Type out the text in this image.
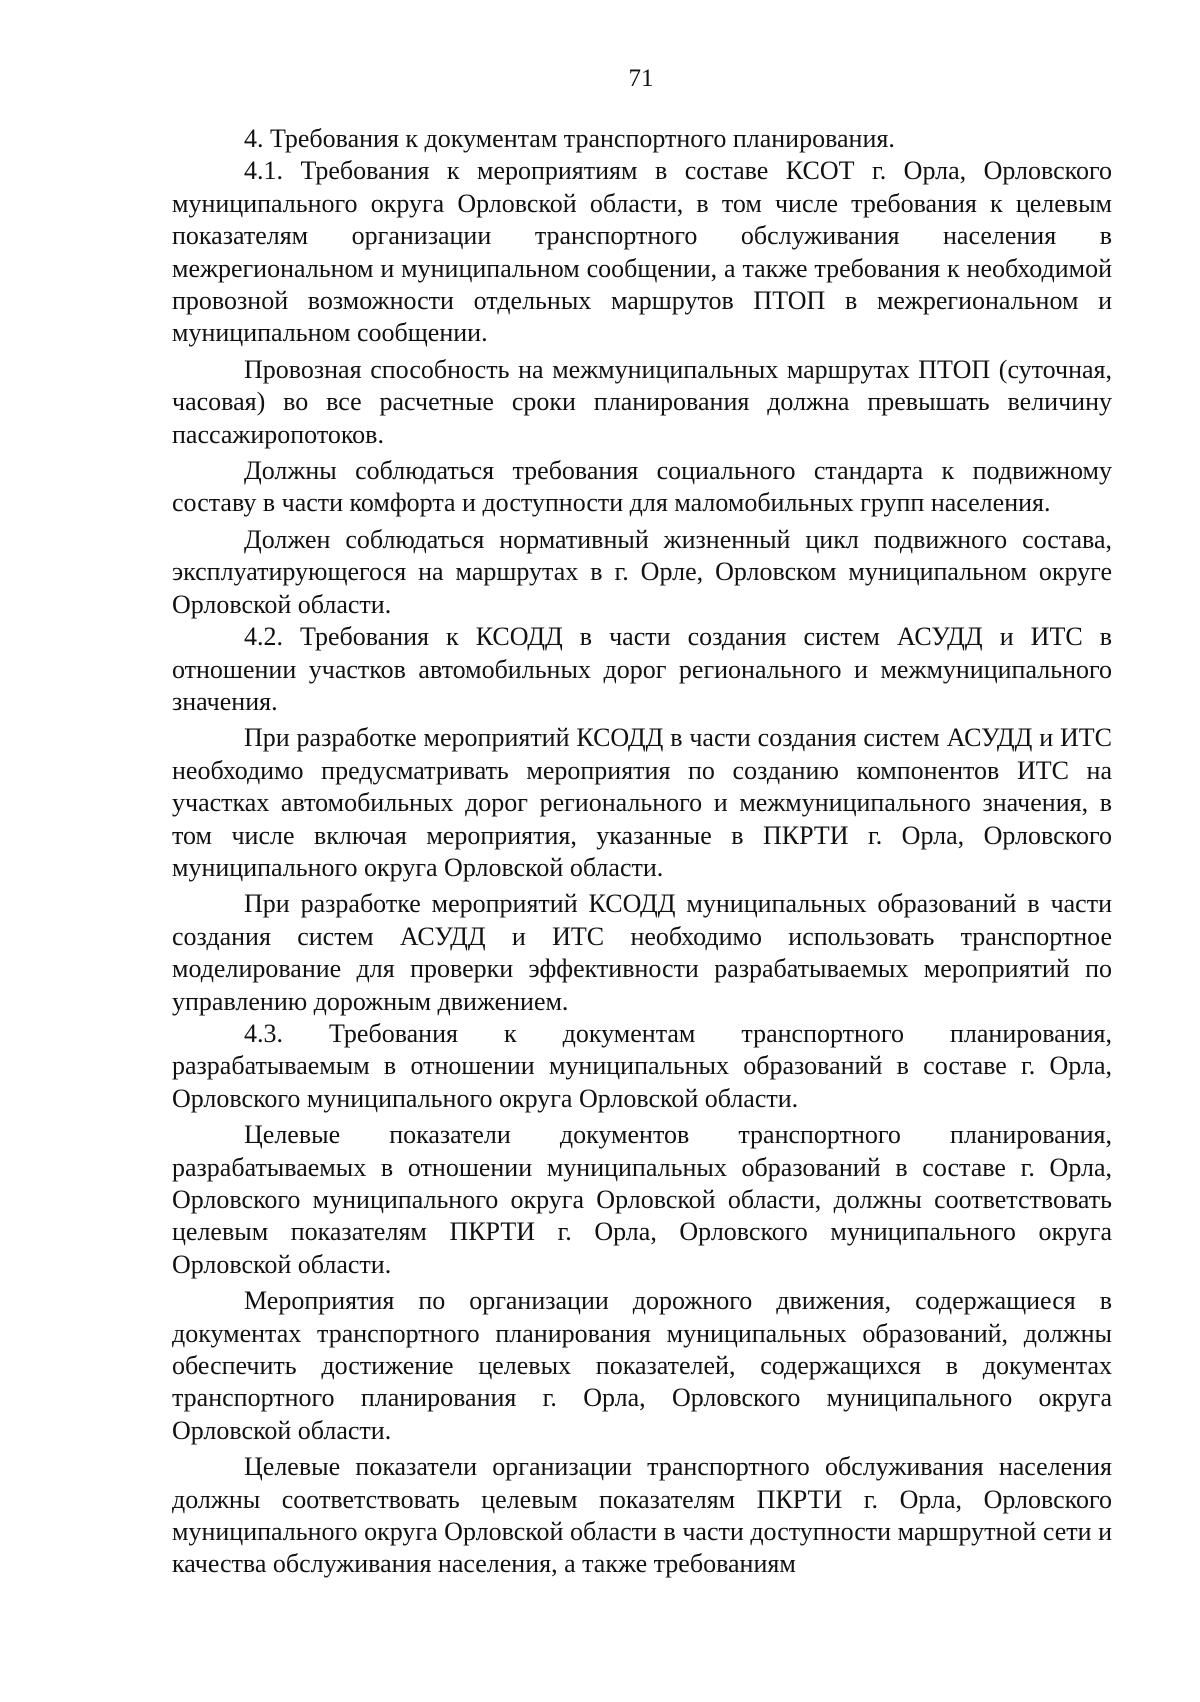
71

4. Требования к документам транспортного планирования.

4.1. Требования к мероприятиям в составе КСОТ г. Орла, Орловского муниципального округа Орловской области, в том числе требования к целевым показателям организации транспортного обслуживания населения в межрегиональном и муниципальном сообщении, а также требования к необходимой провозной возможности отдельных маршрутов ПТОП в межрегиональном и муниципальном сообщении.

Провозная способность на межмуниципальных маршрутах ПТОП (суточная, часовая) во все расчетные сроки планирования должна превышать величину пассажиропотоков.

Должны соблюдаться требования социального стандарта к подвижному составу в части комфорта и доступности для маломобильных групп населения.

Должен соблюдаться нормативный жизненный цикл подвижного состава, эксплуатирующегося на маршрутах в г. Орле, Орловском муниципальном округе Орловской области.

4.2. Требования к КСОДД в части создания систем АСУДД и ИТС в отношении участков автомобильных дорог регионального и межмуниципального значения.

При разработке мероприятий КСОДД в части создания систем АСУДД и ИТС необходимо предусматривать мероприятия по созданию компонентов ИТС на участках автомобильных дорог регионального и межмуниципального значения, в том числе включая мероприятия, указанные в ПКРТИ г. Орла, Орловского муниципального округа Орловской области.

При разработке мероприятий КСОДД муниципальных образований в части создания систем АСУДД и ИТС необходимо использовать транспортное моделирование для проверки эффективности разрабатываемых мероприятий по управлению дорожным движением.

4.3. Требования к документам транспортного планирования, разрабатываемым в отношении муниципальных образований в составе г. Орла, Орловского муниципального округа Орловской области.

Целевые показатели документов транспортного планирования, разрабатываемых в отношении муниципальных образований в составе г. Орла, Орловского муниципального округа Орловской области, должны соответствовать целевым показателям ПКРТИ г. Орла, Орловского муниципального округа Орловской области.

Мероприятия по организации дорожного движения, содержащиеся в документах транспортного планирования муниципальных образований, должны обеспечить достижение целевых показателей, содержащихся в документах транспортного планирования г. Орла, Орловского муниципального округа Орловской области.

Целевые показатели организации транспортного обслуживания населения должны соответствовать целевым показателям ПКРТИ г. Орла, Орловского муниципального округа Орловской области в части доступности маршрутной сети и качества обслуживания населения, а также требованиям
